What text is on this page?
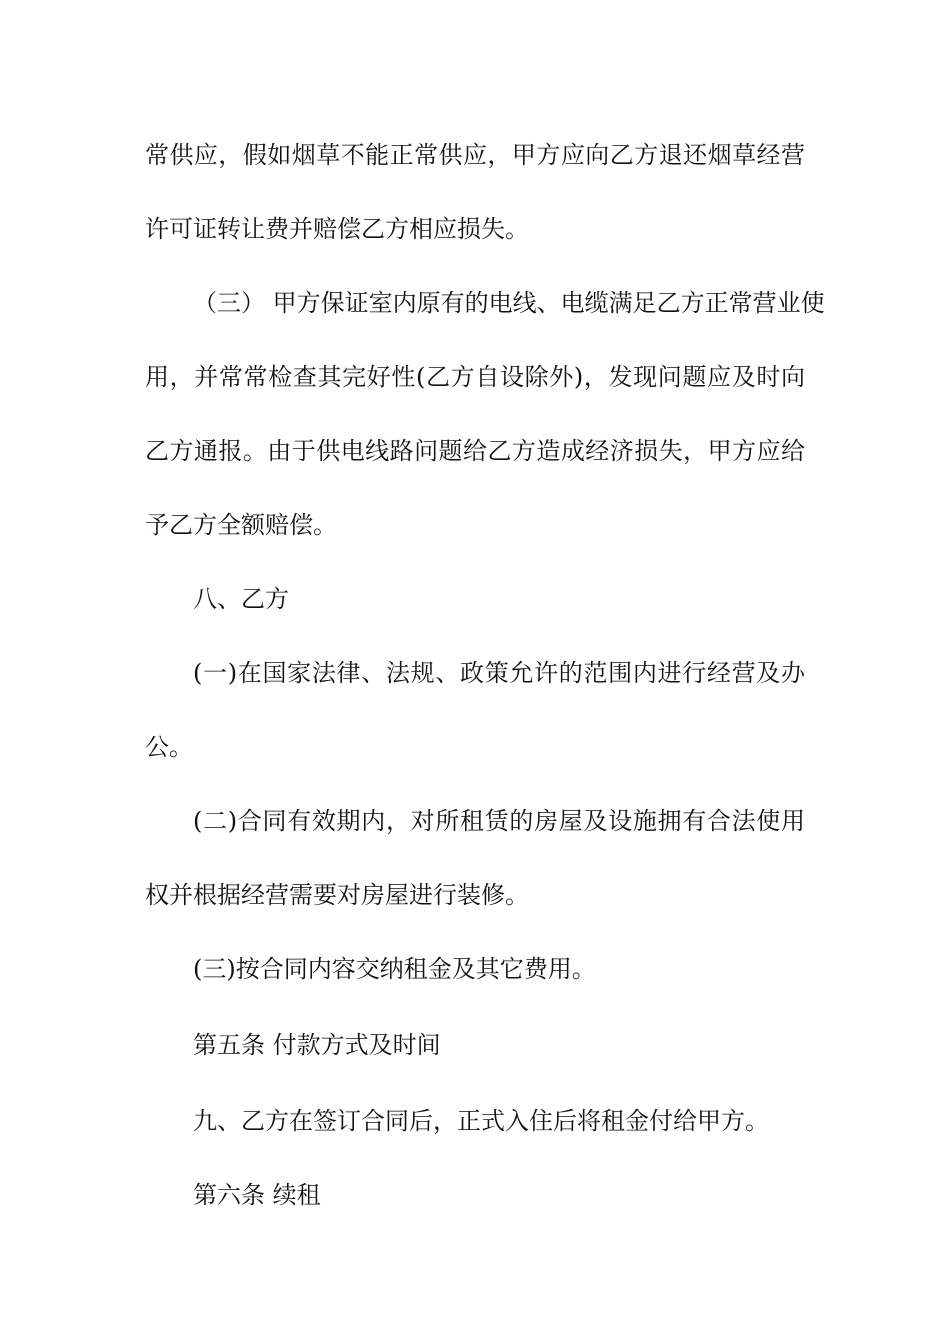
常供应，假如烟草不能正常供应，甲方应向乙方退还烟草经营

许可证转让费并赔偿乙方相应损失。

（三） 甲方保证室内原有的电线、电缆满足乙方正常营业使

用，并常常检查其完好性(乙方自设除外)，发现问题应及时向

乙方通报。由于供电线路问题给乙方造成经济损失，甲方应给

予乙方全额赔偿。

八、乙方

(一)在国家法律、法规、政策允许的范围内进行经营及办

公。

(二)合同有效期内，对所租赁的房屋及设施拥有合法使用

权并根据经营需要对房屋进行装修。

(三)按合同内容交纳租金及其它费用。

第五条 付款方式及时间

九、乙方在签订合同后，正式入住后将租金付给甲方。

第六条 续租
